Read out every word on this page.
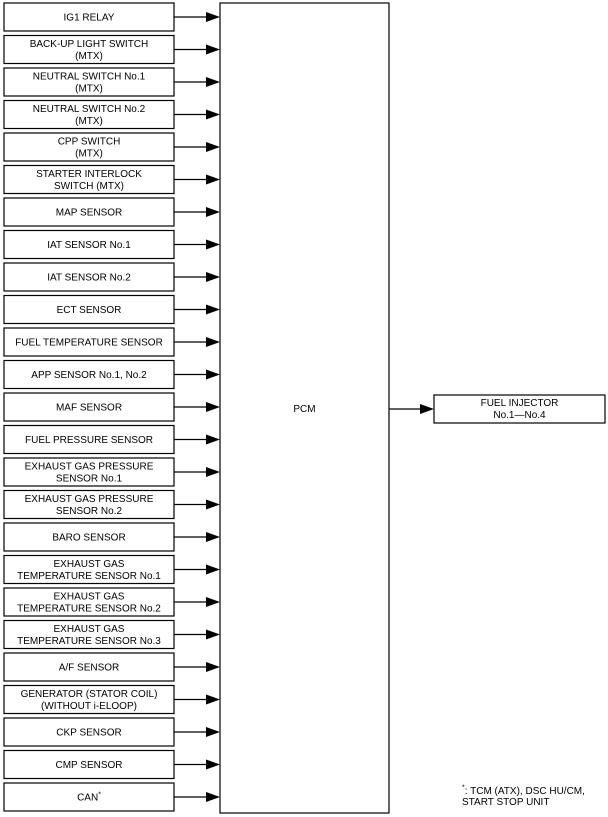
IG1 RELAY
BACK-UP LIGHT SWITCH
(MTX)
NEUTRAL SWITCH No.1
(MTX)
NEUTRAL SWITCH No.2
(MTX)
CPP SWITCH
(MTX)
STARTER INTERLOCK
SWITCH (MTX)
MAP SENSOR
IAT SENSOR No.1
IAT SENSOR No.2
ECT SENSOR
FUEL TEMPERATURE SENSOR
APP SENSOR No.1, No.2
MAF SENSOR
FUEL PRESSURE SENSOR
EXHAUST GAS PRESSURE
SENSOR No.1
EXHAUST GAS PRESSURE
SENSOR No.2
BARO SENSOR
EXHAUST GAS
TEMPERATURE SENSOR No.1
EXHAUST GAS
TEMPERATURE SENSOR No.2
EXHAUST GAS
TEMPERATURE SENSOR No.3
A/F SENSOR
GENERATOR (STATOR COIL)
(WITHOUT i-ELOOP)
CKP SENSOR
CMP SENSOR
CAN*
PCM
FUEL INJECTOR
No.1—No.4
*: TCM (ATX), DSC HU/CM,
START STOP UNIT
